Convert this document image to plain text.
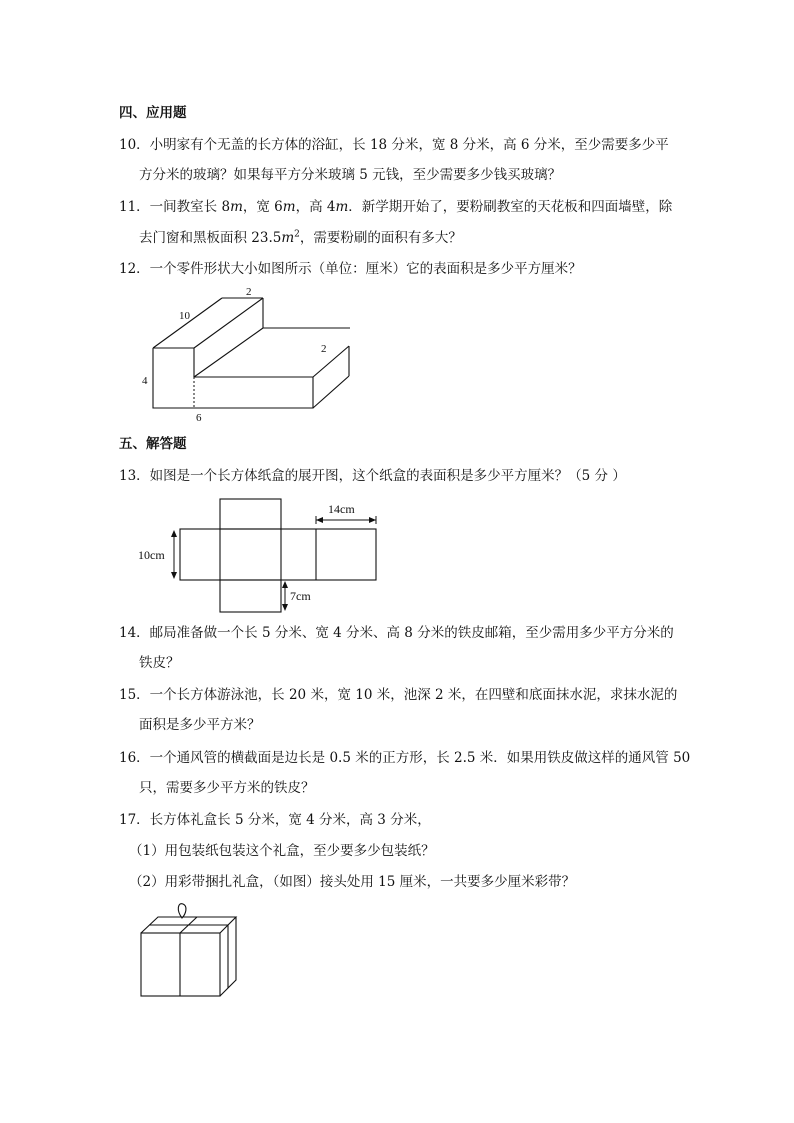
四、应用题
10．小明家有个无盖的长方体的浴缸，长 18 分米，宽 8 分米，高 6 分米，至少需要多少平
方分米的玻璃？如果每平方分米玻璃 5 元钱，至少需要多少钱买玻璃？
11．一间教室长 8m，宽 6m，高 4m．新学期开始了，要粉刷教室的天花板和四面墙壁，除
去门窗和黑板面积 $23.5m^2$，需要粉刷的面积有多大？
12．一个零件形状大小如图所示（单位：厘米）它的表面积是多少平方厘米？
2
10
2
4
6
五、解答题
13．如图是一个长方体纸盒的展开图，这个纸盒的表面积是多少平方厘米？（5 分 ）
14cm
10cm
7cm
14．邮局准备做一个长 5 分米、宽 4 分米、高 8 分米的铁皮邮箱，至少需用多少平方分米的
铁皮？
15．一个长方体游泳池，长 20 米，宽 10 米，池深 2 米，在四壁和底面抹水泥，求抹水泥的
面积是多少平方米？
16．一个通风管的横截面是边长是 0.5 米的正方形，长 2.5 米．如果用铁皮做这样的通风管 50
只，需要多少平方米的铁皮？
17．长方体礼盒长 5 分米，宽 4 分米，高 3 分米，
（1）用包装纸包装这个礼盒，至少要多少包装纸？
（2）用彩带捆扎礼盒，（如图）接头处用 15 厘米，一共要多少厘米彩带？
